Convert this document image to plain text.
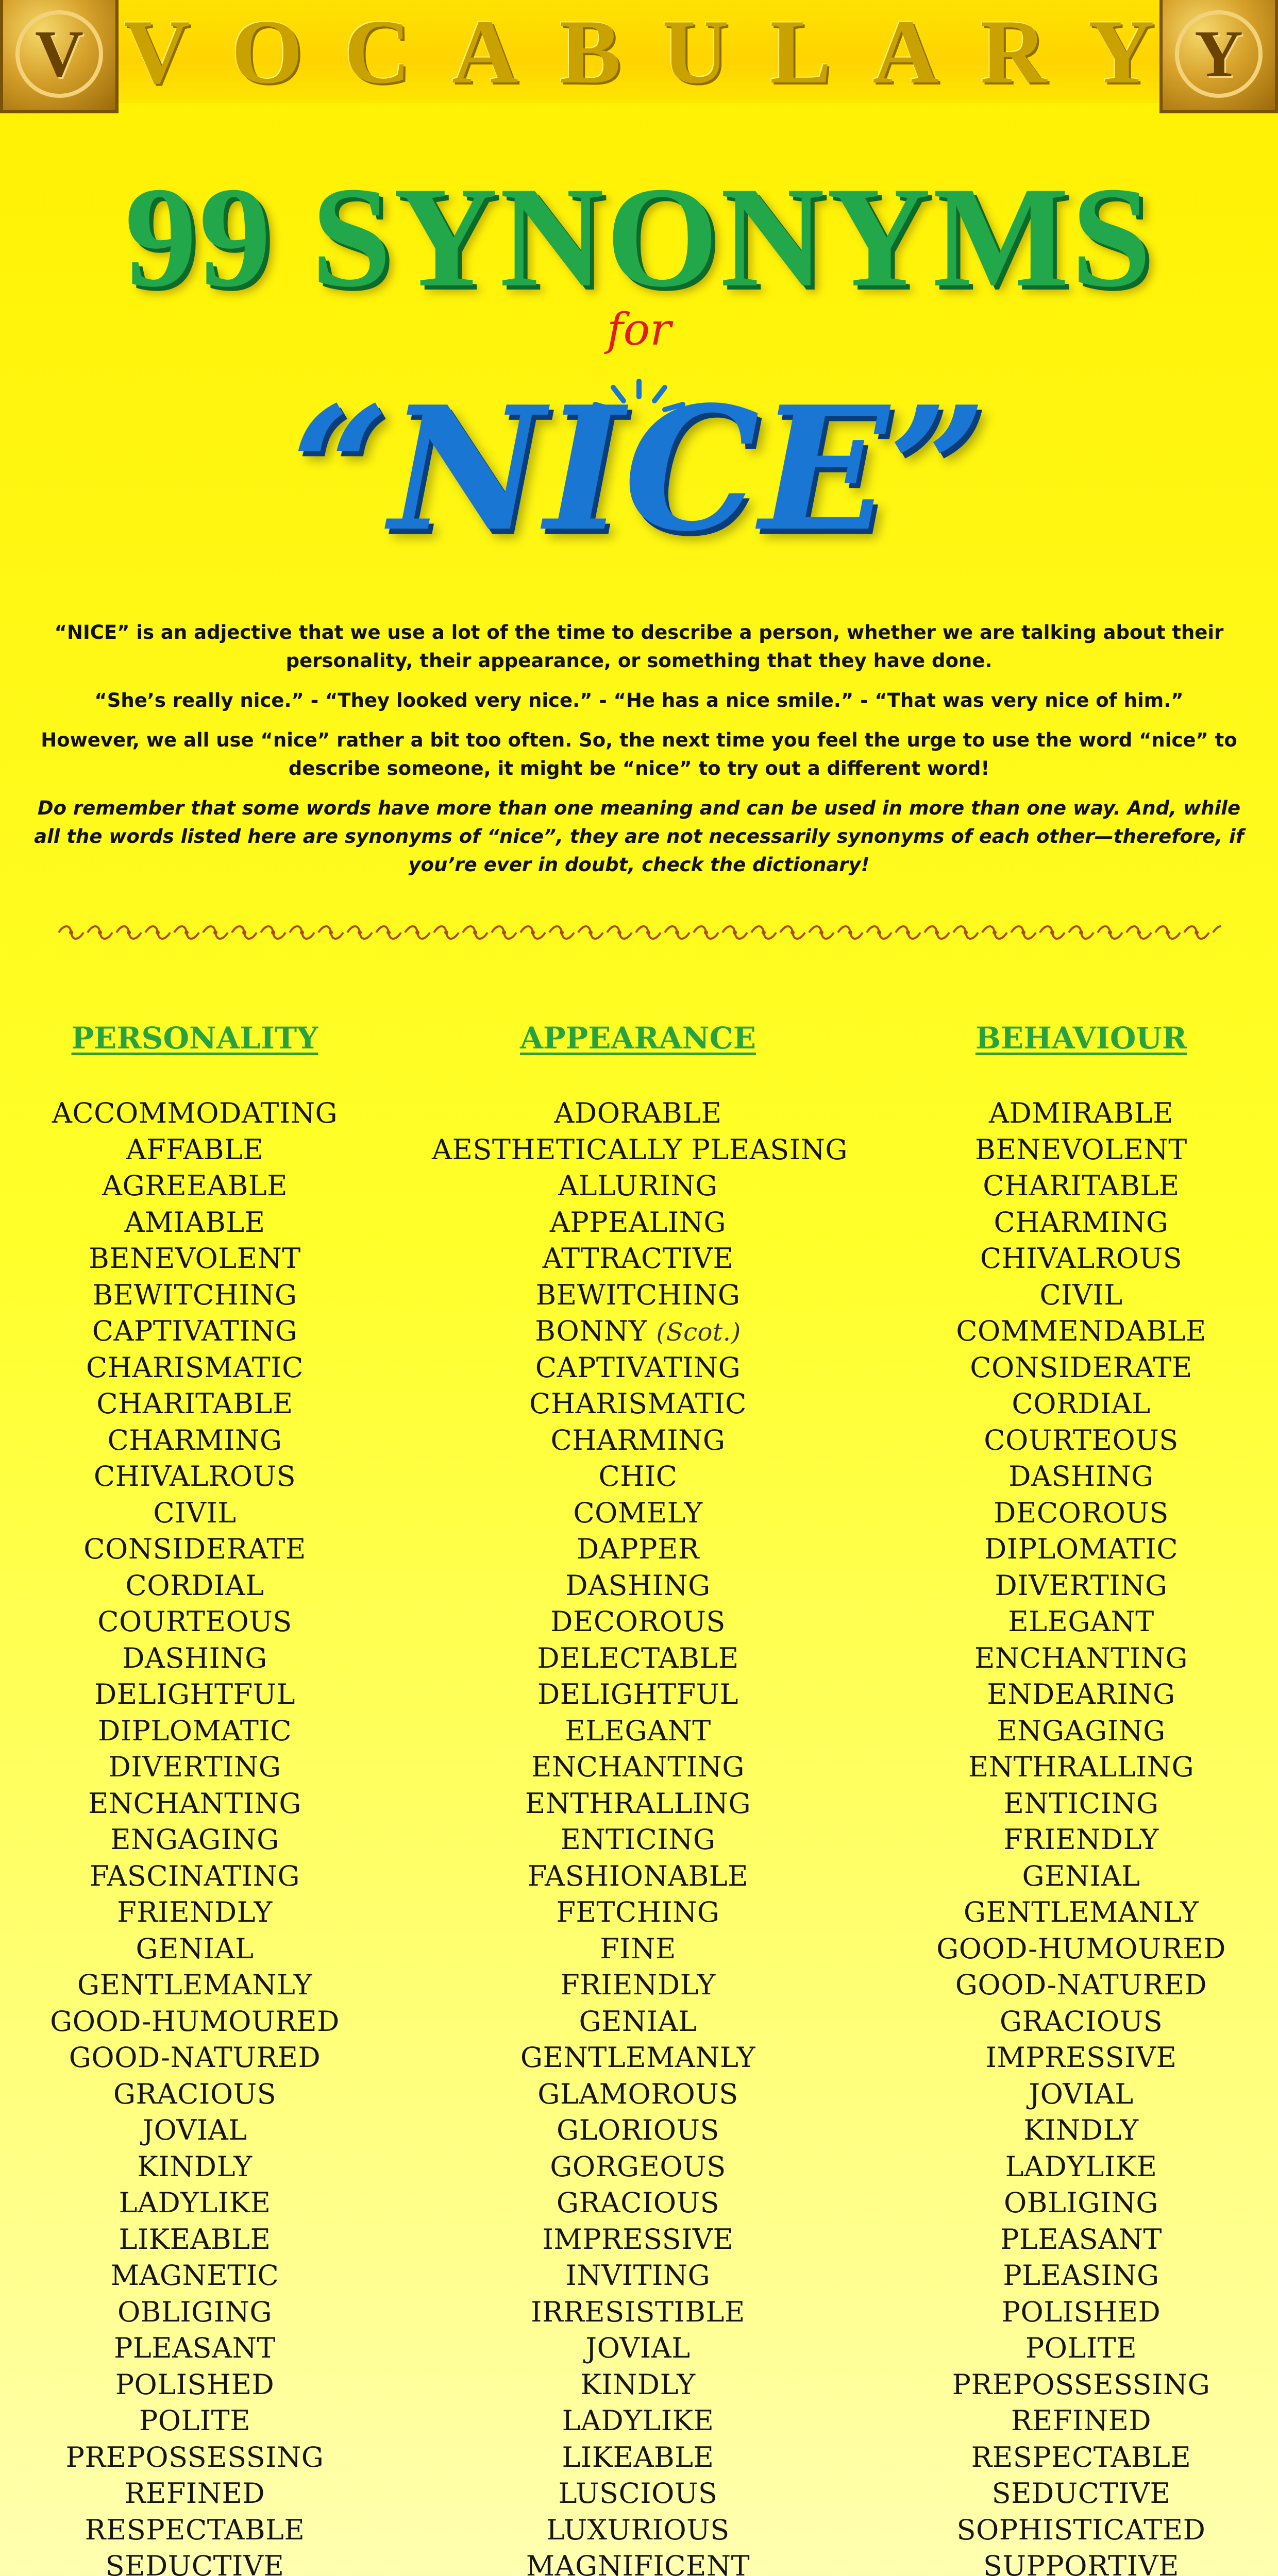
V V O C A B U L A R Y Y
99 SYNONYMS
for
“NICE”

“NICE” is an adjective that we use a lot of the time to describe a person, whether we are talking about their personality, their appearance, or something that they have done.

“She’s really nice.” - “They looked very nice.” - “He has a nice smile.” - “That was very nice of him.”

However, we all use “nice” rather a bit too often. So, the next time you feel the urge to use the word “nice” to describe someone, it might be “nice” to try out a different word!

Do remember that some words have more than one meaning and can be used in more than one way. And, while all the words listed here are synonyms of “nice”, they are not necessarily synonyms of each other—therefore, if you’re ever in doubt, check the dictionary!

PERSONALITY
ACCOMMODATING
AFFABLE
AGREEABLE
AMIABLE
BENEVOLENT
BEWITCHING
CAPTIVATING
CHARISMATIC
CHARITABLE
CHARMING
CHIVALROUS
CIVIL
CONSIDERATE
CORDIAL
COURTEOUS
DASHING
DELIGHTFUL
DIPLOMATIC
DIVERTING
ENCHANTING
ENGAGING
FASCINATING
FRIENDLY
GENIAL
GENTLEMANLY
GOOD-HUMOURED
GOOD-NATURED
GRACIOUS
JOVIAL
KINDLY
LADYLIKE
LIKEABLE
MAGNETIC
OBLIGING
PLEASANT
POLISHED
POLITE
PREPOSSESSING
REFINED
RESPECTABLE
SEDUCTIVE
APPEARANCE
ADORABLE
AESTHETICALLY PLEASING
ALLURING
APPEALING
ATTRACTIVE
BEWITCHING
BONNY (Scot.)
CAPTIVATING
CHARISMATIC
CHARMING
CHIC
COMELY
DAPPER
DASHING
DECOROUS
DELECTABLE
DELIGHTFUL
ELEGANT
ENCHANTING
ENTHRALLING
ENTICING
FASHIONABLE
FETCHING
FINE
FRIENDLY
GENIAL
GENTLEMANLY
GLAMOROUS
GLORIOUS
GORGEOUS
GRACIOUS
IMPRESSIVE
INVITING
IRRESISTIBLE
JOVIAL
KINDLY
LADYLIKE
LIKEABLE
LUSCIOUS
LUXURIOUS
MAGNIFICENT
BEHAVIOUR
ADMIRABLE
BENEVOLENT
CHARITABLE
CHARMING
CHIVALROUS
CIVIL
COMMENDABLE
CONSIDERATE
CORDIAL
COURTEOUS
DASHING
DECOROUS
DIPLOMATIC
DIVERTING
ELEGANT
ENCHANTING
ENDEARING
ENGAGING
ENTHRALLING
ENTICING
FRIENDLY
GENIAL
GENTLEMANLY
GOOD-HUMOURED
GOOD-NATURED
GRACIOUS
IMPRESSIVE
JOVIAL
KINDLY
LADYLIKE
OBLIGING
PLEASANT
PLEASING
POLISHED
POLITE
PREPOSSESSING
REFINED
RESPECTABLE
SEDUCTIVE
SOPHISTICATED
SUPPORTIVE
